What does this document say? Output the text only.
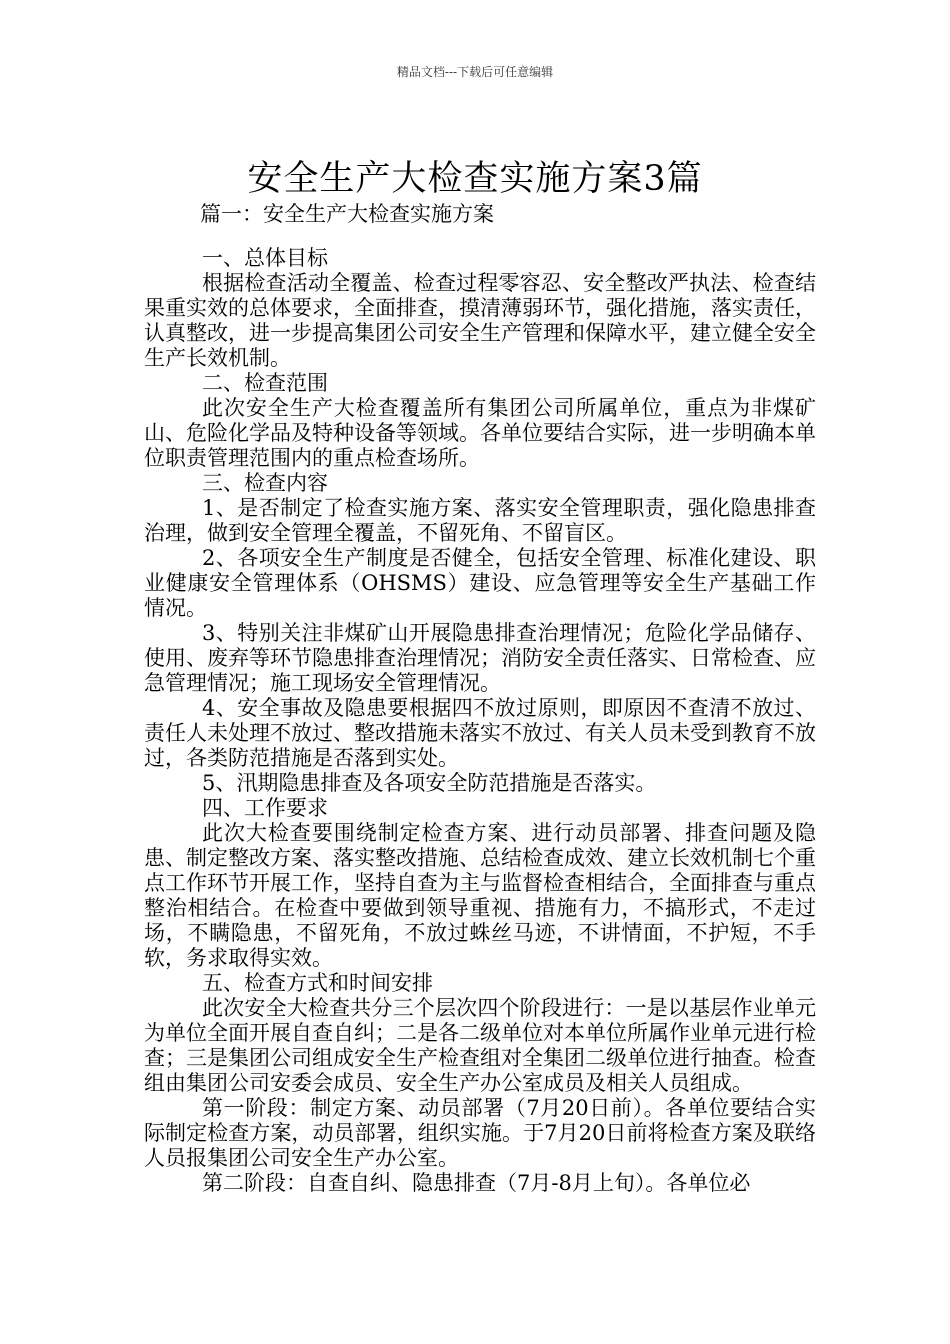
精品文档---下载后可任意编辑
安全生产大检查实施方案3篇
篇一：安全生产大检查实施方案

一、总体目标

根据检查活动全覆盖、检查过程零容忍、安全整改严执法、检查结果重实效的总体要求，全面排查，摸清薄弱环节，强化措施，落实责任，认真整改，进一步提高集团公司安全生产管理和保障水平，建立健全安全生产长效机制。

二、检查范围

此次安全生产大检查覆盖所有集团公司所属单位，重点为非煤矿山、危险化学品及特种设备等领域。各单位要结合实际，进一步明确本单位职责管理范围内的重点检查场所。

三、检查内容

1、是否制定了检查实施方案、落实安全管理职责，强化隐患排查治理，做到安全管理全覆盖，不留死角、不留盲区。

2、各项安全生产制度是否健全，包括安全管理、标准化建设、职业健康安全管理体系（OHSMS）建设、应急管理等安全生产基础工作情况。

3、特别关注非煤矿山开展隐患排查治理情况；危险化学品储存、使用、废弃等环节隐患排查治理情况；消防安全责任落实、日常检查、应急管理情况；施工现场安全管理情况。

4、安全事故及隐患要根据四不放过原则，即原因不查清不放过、责任人未处理不放过、整改措施未落实不放过、有关人员未受到教育不放过，各类防范措施是否落到实处。

5、汛期隐患排查及各项安全防范措施是否落实。

四、工作要求

此次大检查要围绕制定检查方案、进行动员部署、排查问题及隐患、制定整改方案、落实整改措施、总结检查成效、建立长效机制七个重点工作环节开展工作，坚持自查为主与监督检查相结合，全面排查与重点整治相结合。在检查中要做到领导重视、措施有力，不搞形式，不走过场，不瞒隐患，不留死角，不放过蛛丝马迹，不讲情面，不护短，不手软，务求取得实效。

五、检查方式和时间安排

此次安全大检查共分三个层次四个阶段进行：一是以基层作业单元为单位全面开展自查自纠；二是各二级单位对本单位所属作业单元进行检查；三是集团公司组成安全生产检查组对全集团二级单位进行抽查。检查组由集团公司安委会成员、安全生产办公室成员及相关人员组成。

第一阶段：制定方案、动员部署（7月20日前）。各单位要结合实际制定检查方案，动员部署，组织实施。于7月20日前将检查方案及联络人员报集团公司安全生产办公室。

第二阶段：自查自纠、隐患排查（7月-8月上旬）。各单位必
